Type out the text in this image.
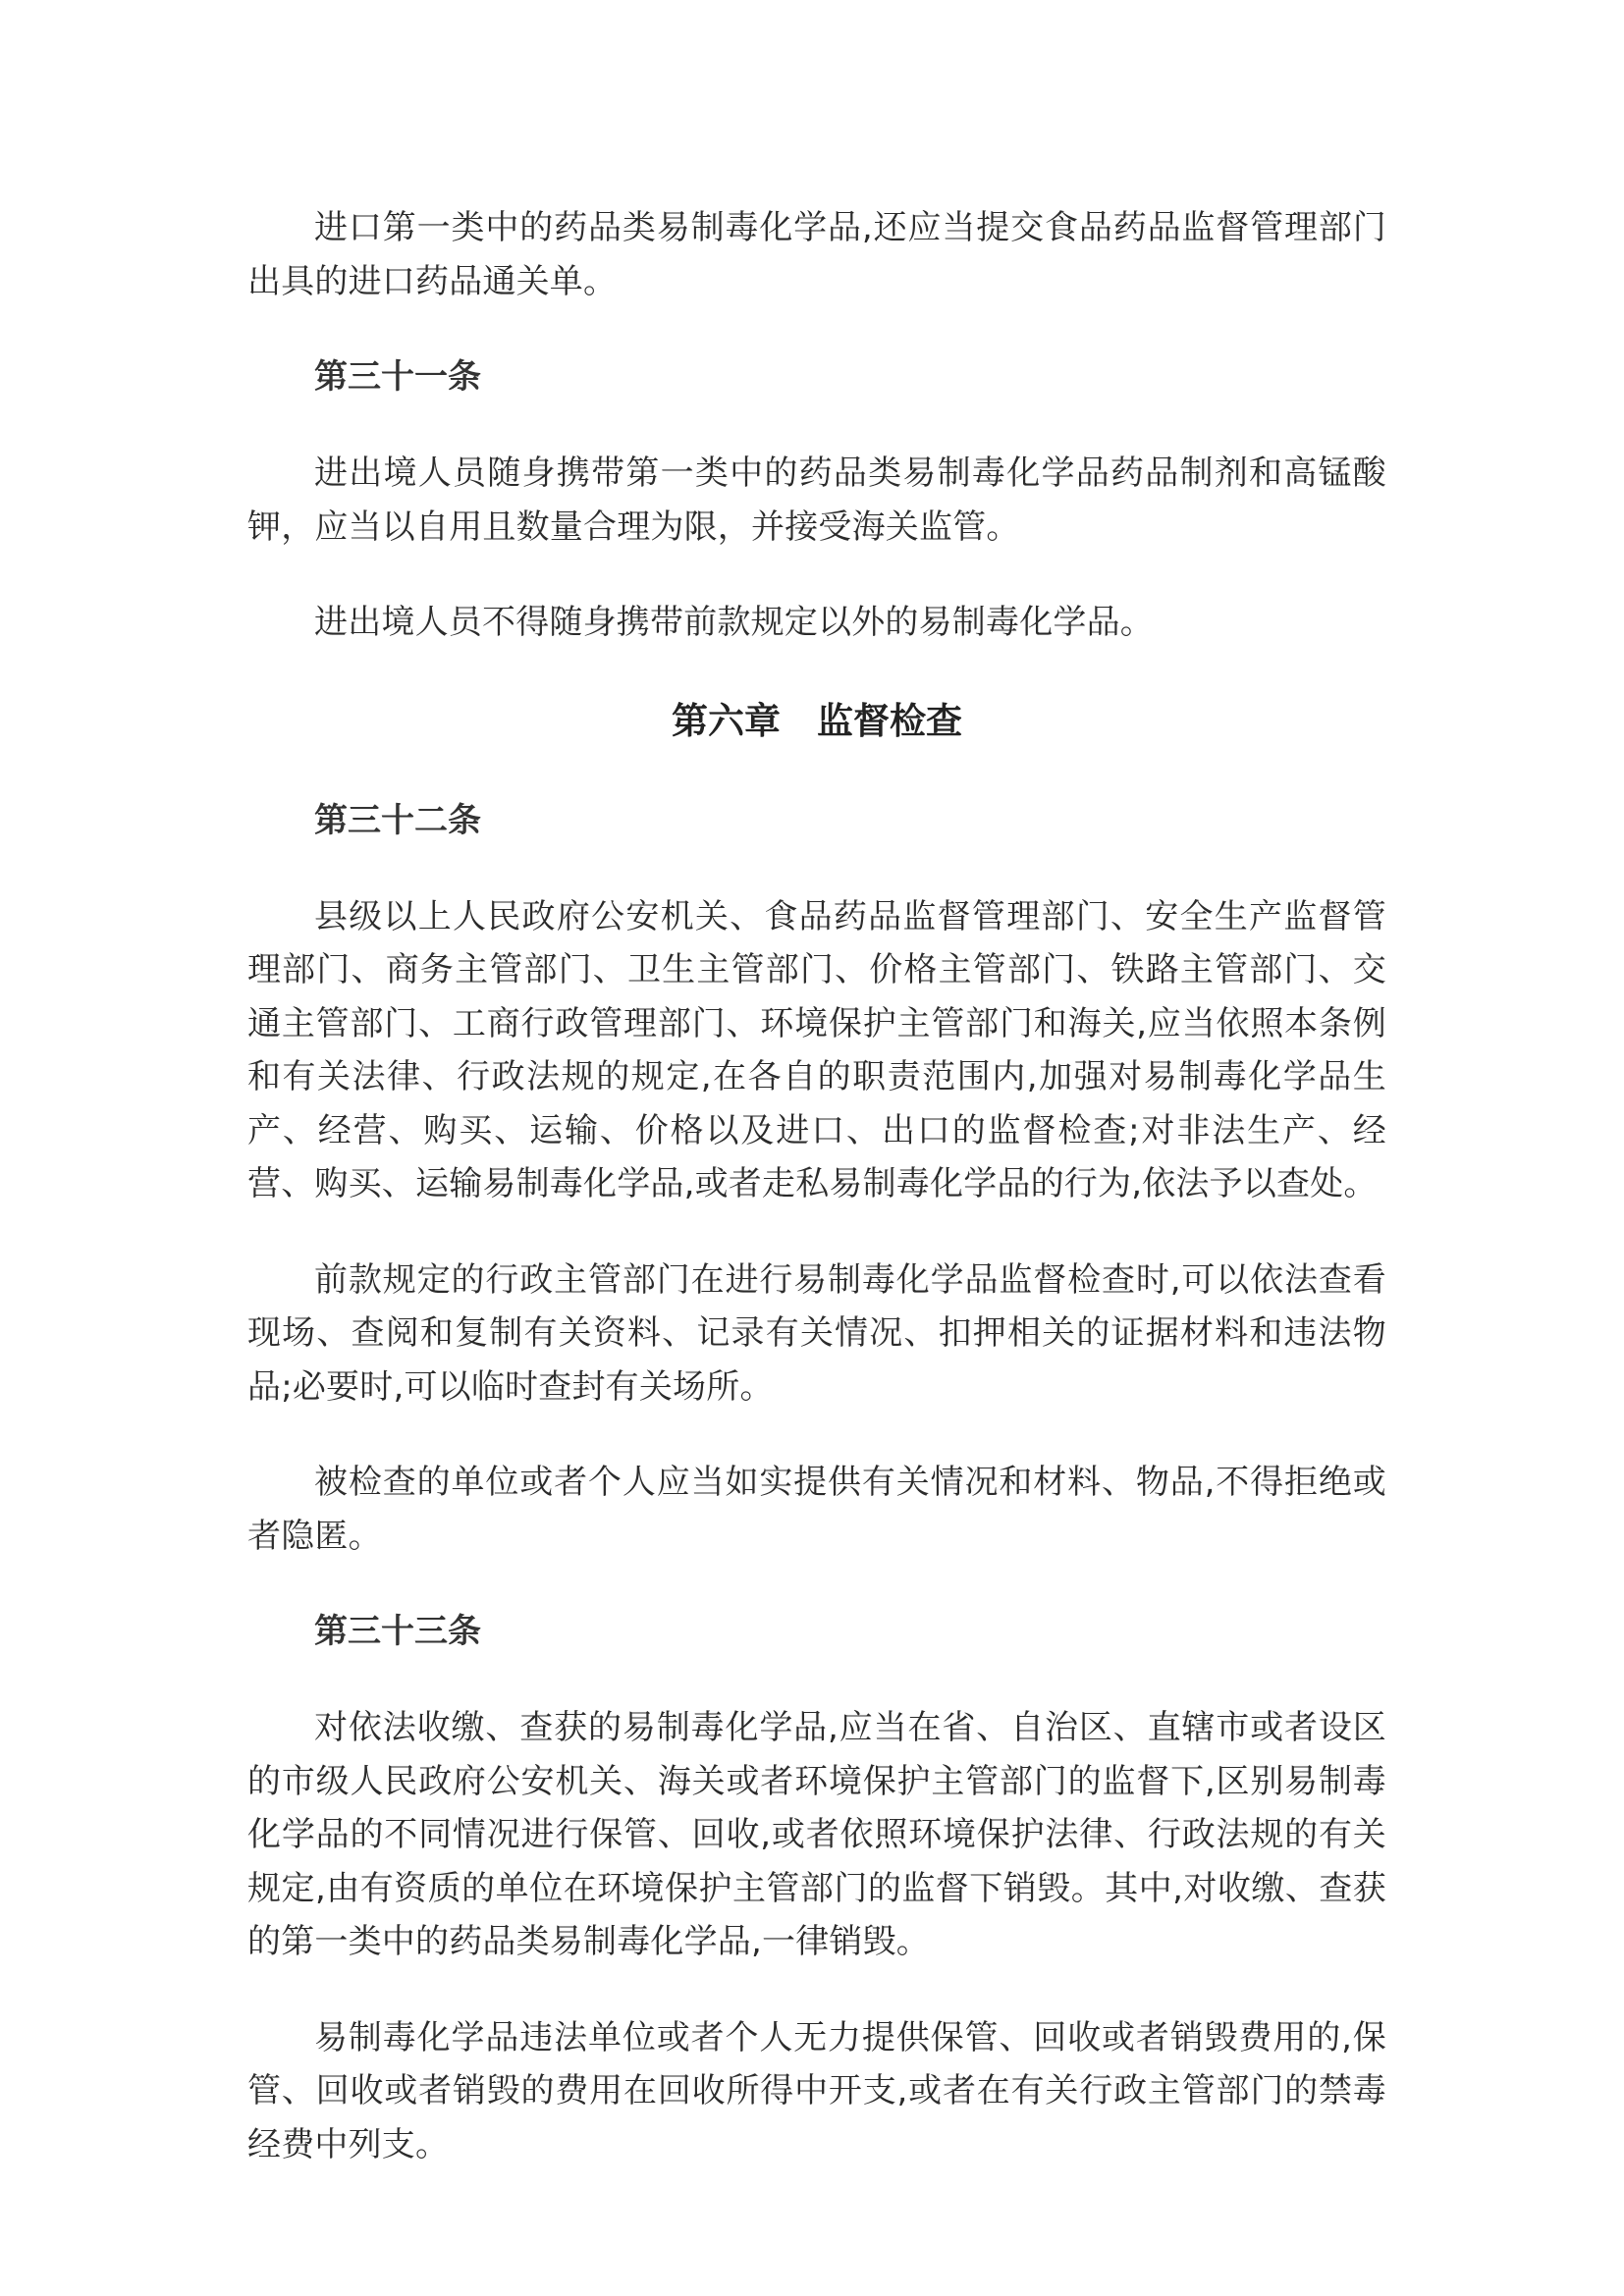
进口第一类中的药品类易制毒化学品,还应当提交食品药品监督管理部门出具的进口药品通关单。

第三十一条

进出境人员随身携带第一类中的药品类易制毒化学品药品制剂和高锰酸钾，应当以自用且数量合理为限，并接受海关监管。

进出境人员不得随身携带前款规定以外的易制毒化学品。

第六章　监督检查

第三十二条

县级以上人民政府公安机关、食品药品监督管理部门、安全生产监督管理部门、商务主管部门、卫生主管部门、价格主管部门、铁路主管部门、交通主管部门、工商行政管理部门、环境保护主管部门和海关,应当依照本条例和有关法律、行政法规的规定,在各自的职责范围内,加强对易制毒化学品生产、经营、购买、运输、价格以及进口、出口的监督检查;对非法生产、经营、购买、运输易制毒化学品,或者走私易制毒化学品的行为,依法予以查处。

前款规定的行政主管部门在进行易制毒化学品监督检查时,可以依法查看现场、查阅和复制有关资料、记录有关情况、扣押相关的证据材料和违法物品;必要时,可以临时查封有关场所。

被检查的单位或者个人应当如实提供有关情况和材料、物品,不得拒绝或者隐匿。

第三十三条

对依法收缴、查获的易制毒化学品,应当在省、自治区、直辖市或者设区的市级人民政府公安机关、海关或者环境保护主管部门的监督下,区别易制毒化学品的不同情况进行保管、回收,或者依照环境保护法律、行政法规的有关规定,由有资质的单位在环境保护主管部门的监督下销毁。其中,对收缴、查获的第一类中的药品类易制毒化学品,一律销毁。

易制毒化学品违法单位或者个人无力提供保管、回收或者销毁费用的,保管、回收或者销毁的费用在回收所得中开支,或者在有关行政主管部门的禁毒经费中列支。
